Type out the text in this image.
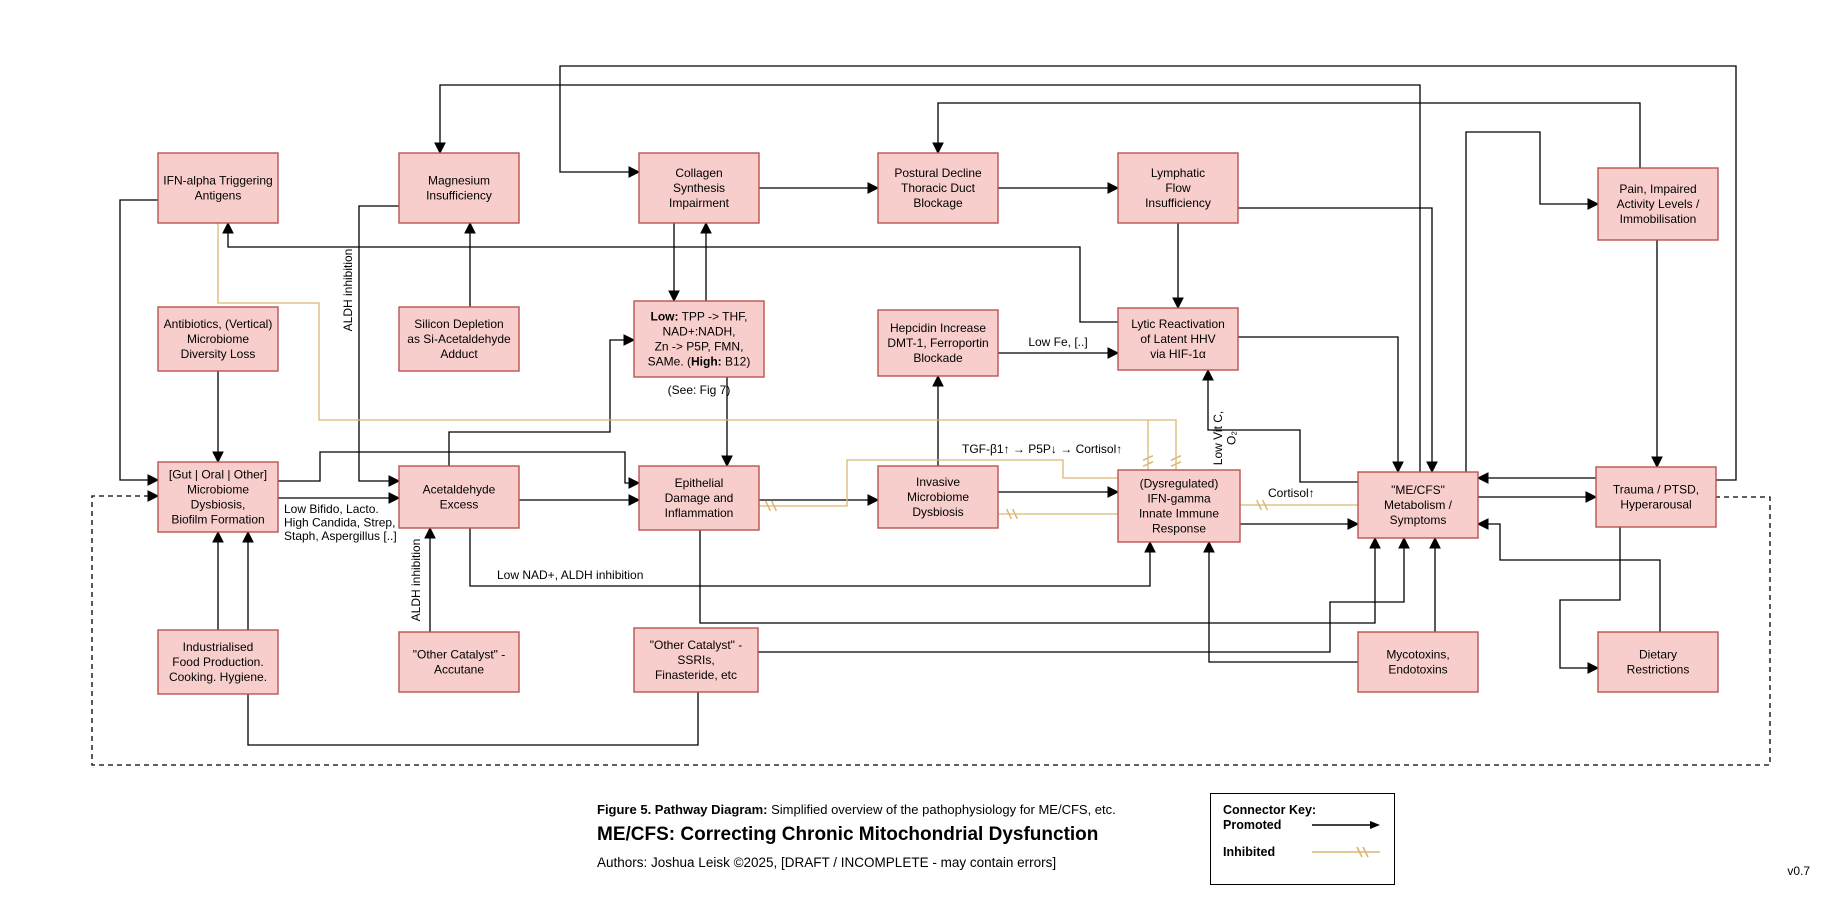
IFN-alpha Triggering Antigens
Magnesium Insufficiency
Collagen Synthesis Impairment
Postural Decline Thoracic Duct Blockage
Lymphatic Flow Insufficiency
Pain, Impaired Activity Levels / Immobilisation
Antibiotics, (Vertical) Microbiome Diversity Loss
Silicon Depletion as Si-Acetaldehyde Adduct
Low: TPP -> THF, NAD+:NADH, Zn -> P5P, FMN, SAMe. (High: B12)
Hepcidin Increase DMT-1, Ferroportin Blockade
Lytic Reactivation of Latent HHV via HIF-1α
[Gut | Oral | Other] Microbiome Dysbiosis, Biofilm Formation
Acetaldehyde Excess
Epithelial Damage and Inflammation
Invasive Microbiome Dysbiosis
(Dysregulated) IFN-gamma Innate Immune Response
"ME/CFS" Metabolism / Symptoms
Trauma / PTSD, Hyperarousal
Industrialised Food Production. Cooking. Hygiene.
"Other Catalyst" -Accutane
"Other Catalyst" -SSRIs, Finasteride, etc
Mycotoxins, Endotoxins
Dietary Restrictions
Low Fe, [..]
Low Bifido, Lacto. High Candida, Strep, Staph, Aspergillus [..]
ALDH inhibition
ALDH inhibition	Low NAD+, ALDH inhibition
TGF-β1↑ → P5P↓ → Cortisol↑
Cortisol↑
Low Vit C,O₂
(See: Fig 7)
Figure 5. Pathway Diagram: Simplified overview of the pathophysiology for ME/CFS, etc.
ME/CFS: Correcting Chronic Mitochondrial Dysfunction
Authors: Joshua Leisk ©2025, [DRAFT / INCOMPLETE - may contain errors]
Connector Key:
Promoted
Inhibited
v0.7
